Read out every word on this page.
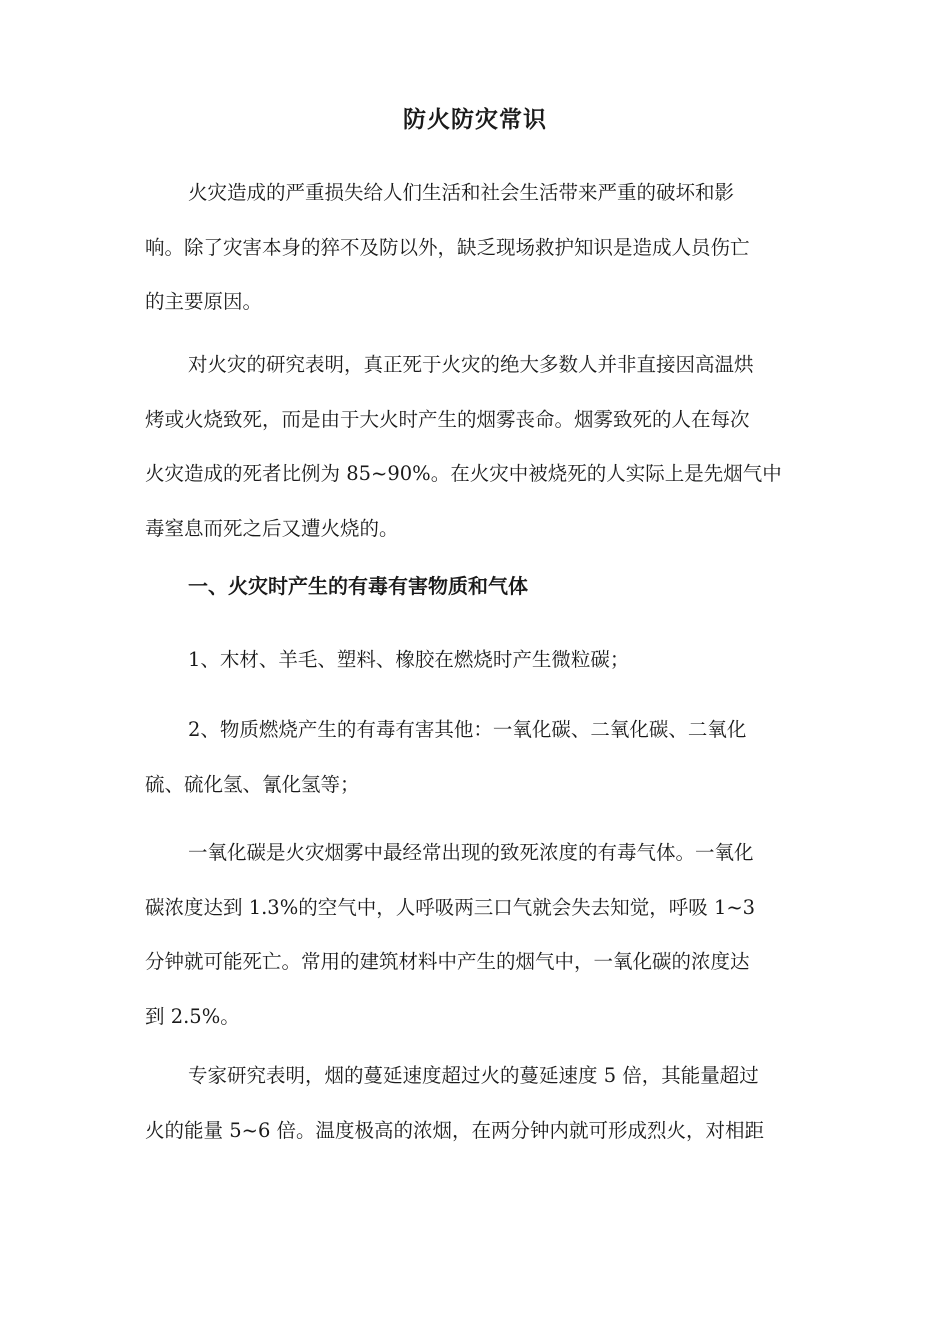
防火防灾常识
火灾造成的严重损失给人们生活和社会生活带来严重的破坏和影
响。除了灾害本身的猝不及防以外，缺乏现场救护知识是造成人员伤亡
的主要原因。
对火灾的研究表明，真正死于火灾的绝大多数人并非直接因高温烘
烤或火烧致死，而是由于大火时产生的烟雾丧命。烟雾致死的人在每次
火灾造成的死者比例为 85~90%。在火灾中被烧死的人实际上是先烟气中
毒窒息而死之后又遭火烧的。
一、火灾时产生的有毒有害物质和气体
1、木材、羊毛、塑料、橡胶在燃烧时产生微粒碳；
2、物质燃烧产生的有毒有害其他：一氧化碳、二氧化碳、二氧化
硫、硫化氢、氰化氢等；
一氧化碳是火灾烟雾中最经常出现的致死浓度的有毒气体。一氧化
碳浓度达到 1.3%的空气中，人呼吸两三口气就会失去知觉，呼吸 1~3
分钟就可能死亡。常用的建筑材料中产生的烟气中，一氧化碳的浓度达
到 2.5%。
专家研究表明，烟的蔓延速度超过火的蔓延速度 5 倍，其能量超过
火的能量 5~6 倍。温度极高的浓烟，在两分钟内就可形成烈火，对相距
